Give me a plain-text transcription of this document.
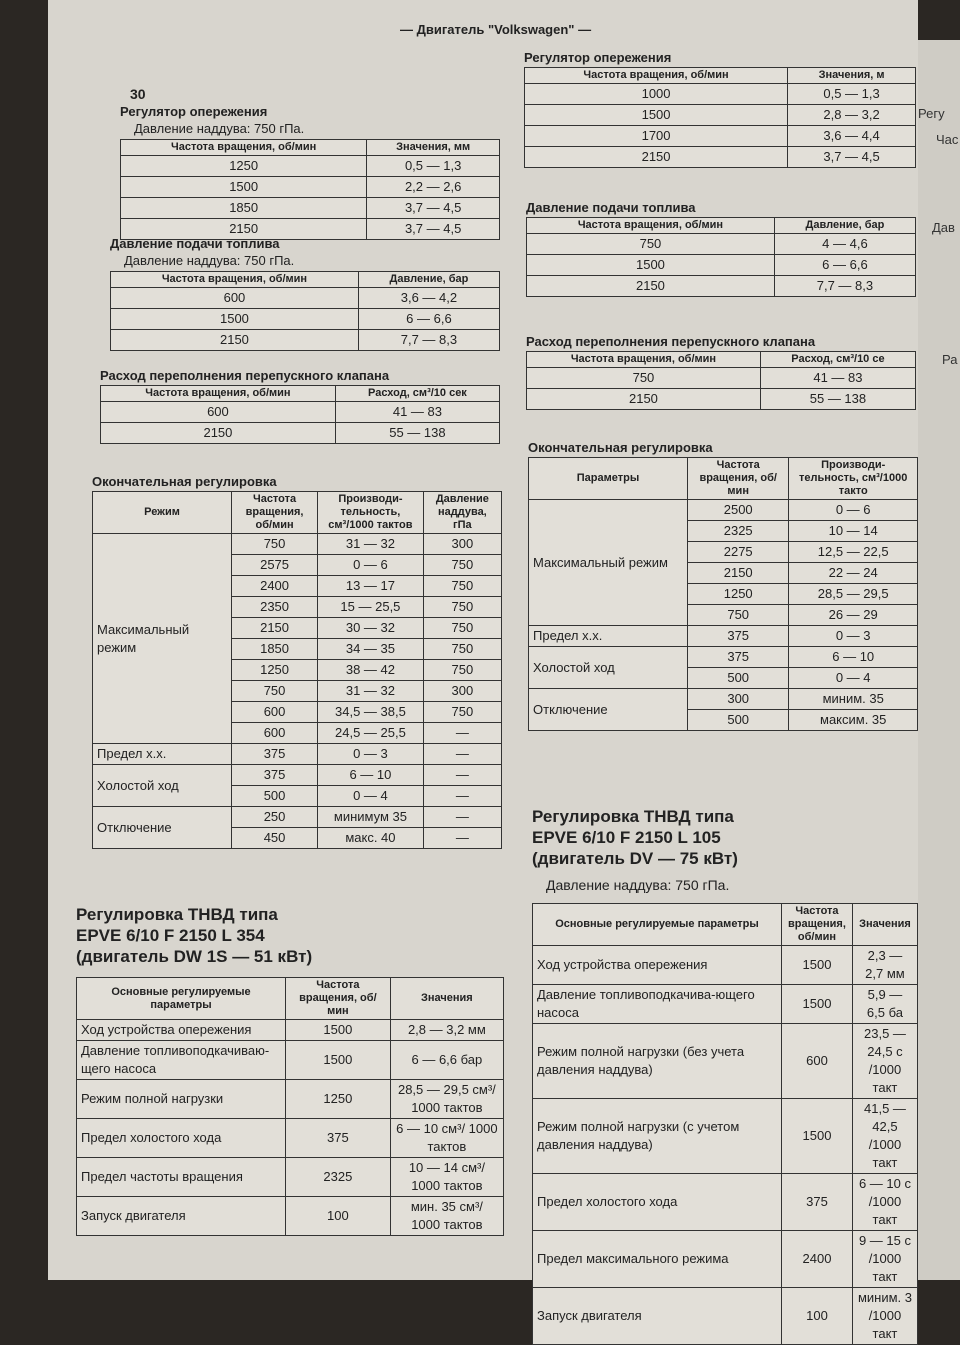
Регу
Час
Дав
Ра
— Двигатель "Volkswagen" —
30
Регулятор опережения
Давление наддува: 750 гПа.
Частота вращения, об/мин	Значения, мм
1250	0,5 — 1,3
1500	2,2 — 2,6
1850	3,7 — 4,5
2150	3,7 — 4,5
Давление подачи топлива
Давление наддува: 750 гПа.
Частота вращения, об/мин	Давление, бар
600	3,6 — 4,2
1500	6 — 6,6
2150	7,7 — 8,3
Расход переполнения перепускного клапана
Частота вращения, об/мин	Расход, см³/10 сек
600	41 — 83
2150	55 — 138
Окончательная регулировка
Режим	Частота вращения, об/мин	Производи-тельность, см³/1000 тактов	Давление наддува, гПа
Максимальный режим	750	31 — 32	300
	2575	0 — 6	750
	2400	13 — 17	750
	2350	15 — 25,5	750
	2150	30 — 32	750
	1850	34 — 35	750
	1250	38 — 42	750
	750	31 — 32	300
	600	34,5 — 38,5	750
	600	24,5 — 25,5	—
Предел х.х.	375	0 — 3	—
Холостой ход	375	6 — 10	—
	500	0 — 4	—
Отключение	250	минимум 35	—
	450	макс. 40	—
Регулировка ТНВД типа
EPVE 6/10 F 2150 L 354
(двигатель DW 1S — 51 кВт)
Основные регулируемые параметры	Частота вращения, об/мин	Значения
Ход устройства опережения	1500	2,8 — 3,2 мм
Давление топливоподкачиваю-щего насоса	1500	6 — 6,6 бар
Режим полной нагрузки	1250	28,5 — 29,5 см³/ 1000 тактов
Предел холостого хода	375	6 — 10 см³/ 1000 тактов
Предел частоты вращения	2325	10 — 14 см³/ 1000 тактов
Запуск двигателя	100	мин. 35 см³/ 1000 тактов
Регулятор опережения
Частота вращения, об/мин	Значения, м
1000	0,5 — 1,3
1500	2,8 — 3,2
1700	3,6 — 4,4
2150	3,7 — 4,5
Давление подачи топлива
Частота вращения, об/мин	Давление, бар
750	4 — 4,6
1500	6 — 6,6
2150	7,7 — 8,3
Расход переполнения перепускного клапана
Частота вращения, об/мин	Расход, см³/10 се
750	41 — 83
2150	55 — 138
Окончательная регулировка
Параметры	Частота вращения, об/мин	Производи-тельность, см³/1000 такто
Максимальный режим	2500	0 — 6
	2325	10 — 14
	2275	12,5 — 22,5
	2150	22 — 24
	1250	28,5 — 29,5
	750	26 — 29
Предел х.х.	375	0 — 3
Холостой ход	375	6 — 10
	500	0 — 4
Отключение	300	миним. 35
	500	максим. 35
Регулировка ТНВД типа
EPVE 6/10 F 2150 L 105
(двигатель DV — 75 кВт)
Давление наддува: 750 гПа.
Основные регулируемые параметры	Частота вращения, об/мин	Значения
Ход устройства опережения	1500	2,3 — 2,7 мм
Давление топливоподкачива-ющего насоса	1500	5,9 — 6,5 ба
Режим полной нагрузки (без учета давления наддува)	600	23,5 — 24,5 с /1000 такт
Режим полной нагрузки (с учетом давления наддува)	1500	41,5 — 42,5 /1000 такт
Предел холостого хода	375	6 — 10 с /1000 такт
Предел максимального режима	2400	9 — 15 с /1000 такт
Запуск двигателя	100	миним. 3 /1000 такт
